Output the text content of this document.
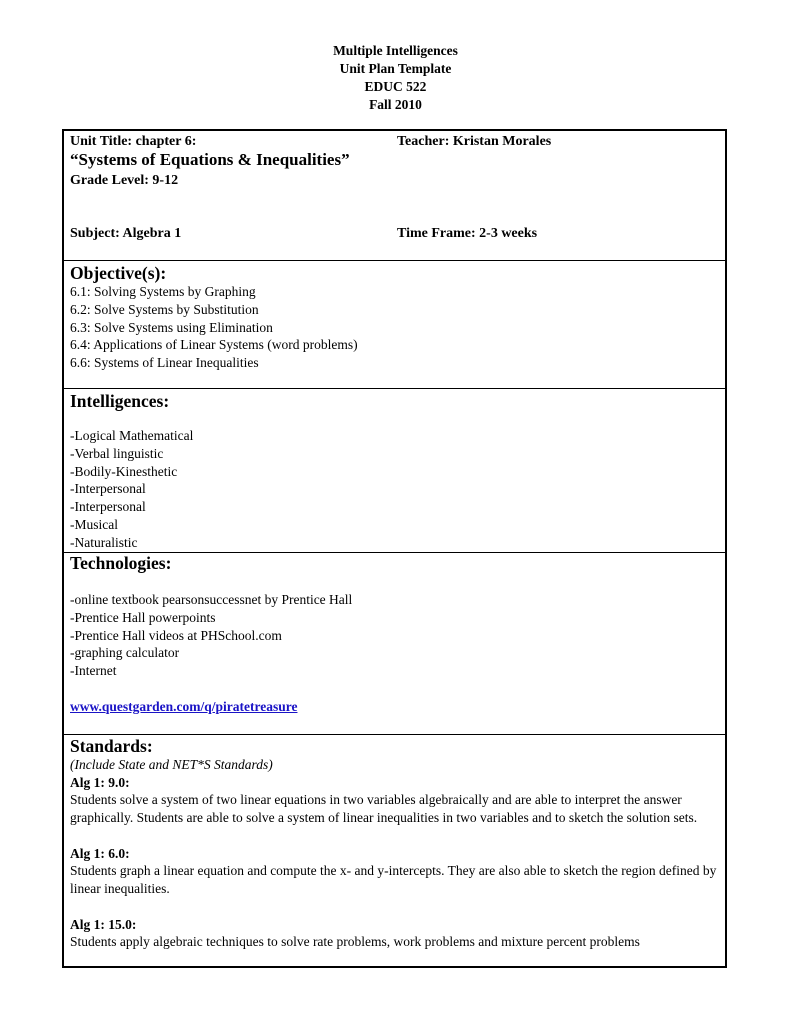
Multiple Intelligences
Unit Plan Template
EDUC 522
Fall 2010
Unit Title: chapter 6:	Teacher: Kristan Morales
“Systems of Equations & Inequalities”
Grade Level: 9-12
Subject: Algebra 1	Time Frame: 2-3 weeks
Objective(s):
6.1: Solving Systems by Graphing
6.2: Solve Systems by Substitution
6.3: Solve Systems using Elimination
6.4: Applications of Linear Systems (word problems)
6.6: Systems of Linear Inequalities
Intelligences:
-Logical Mathematical
-Verbal linguistic
-Bodily-Kinesthetic
-Interpersonal
-Interpersonal
-Musical
-Naturalistic
Technologies:
-online textbook pearsonsuccessnet by Prentice Hall
-Prentice Hall powerpoints
-Prentice Hall videos at PHSchool.com
-graphing calculator
-Internet
www.questgarden.com/q/piratetreasure
Standards:
(Include State and NET*S Standards)
Alg 1: 9.0:
Students solve a system of two linear equations in two variables algebraically and are able to interpret the answer graphically. Students are able to solve a system of linear inequalities in two variables and to sketch the solution sets.
Alg 1: 6.0:
Students graph a linear equation and compute the x- and y-intercepts. They are also able to sketch the region defined by linear inequalities.
Alg 1: 15.0:
Students apply algebraic techniques to solve rate problems, work problems and mixture percent problems
